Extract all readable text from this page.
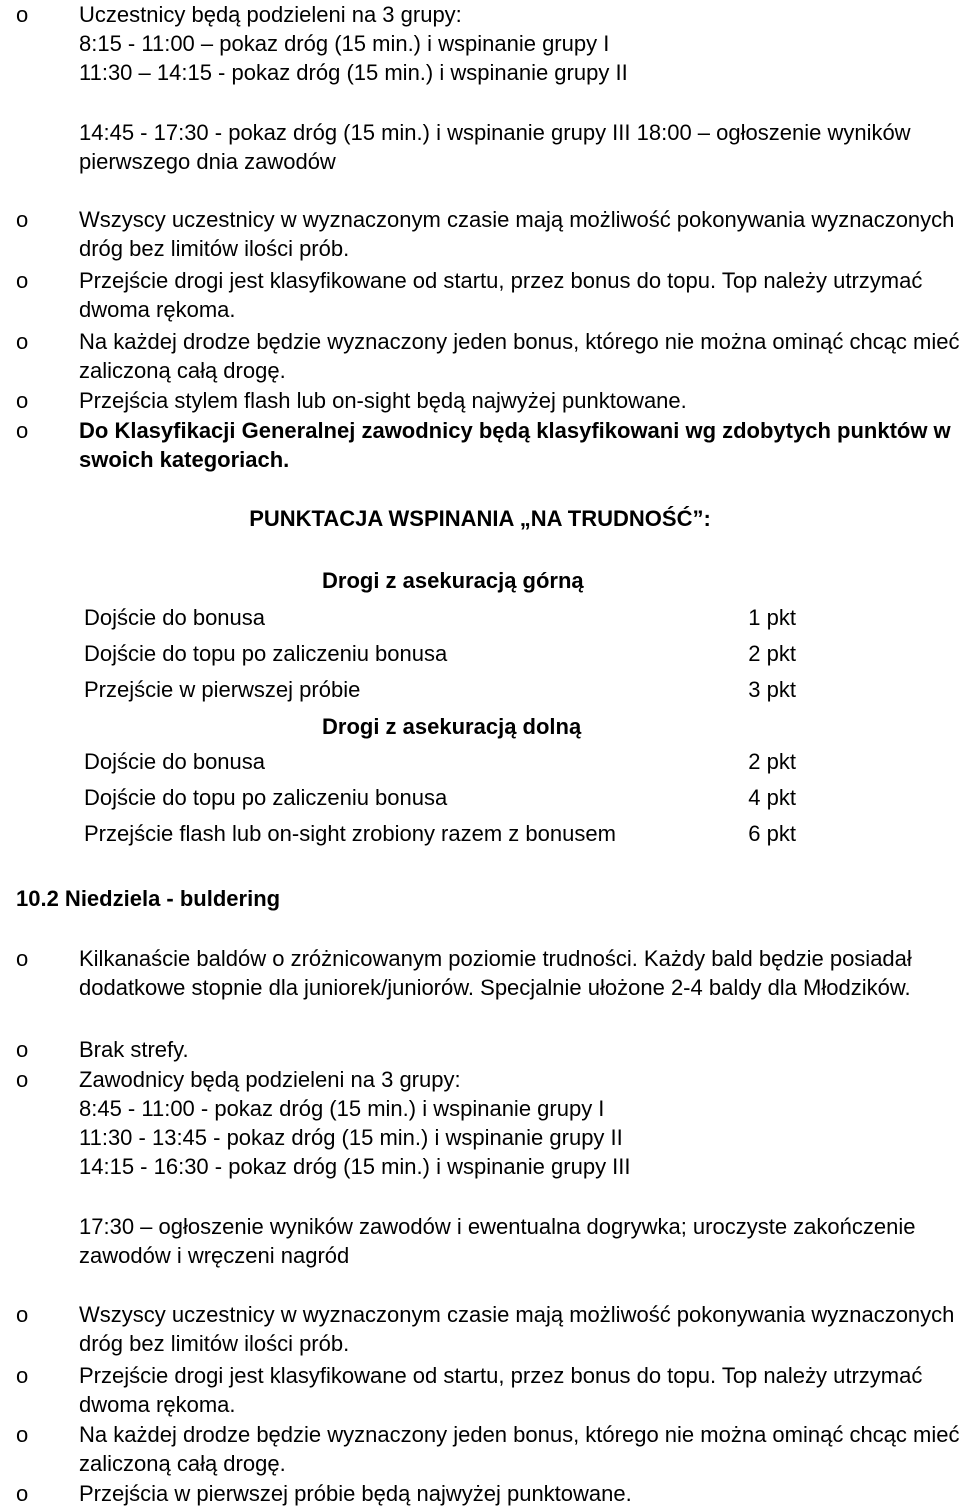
o Uczestnicy będą podzieleni na 3 grupy:
8:15 - 11:00 – pokaz dróg (15 min.) i wspinanie grupy I
11:30 – 14:15 - pokaz dróg (15 min.) i wspinanie grupy II
14:45 - 17:30 - pokaz dróg (15 min.) i wspinanie grupy III 18:00 – ogłoszenie wyników pierwszego dnia zawodów
o Wszyscy uczestnicy w wyznaczonym czasie mają możliwość pokonywania wyznaczonych dróg bez limitów ilości prób.
o Przejście drogi jest klasyfikowane od startu, przez bonus do topu. Top należy utrzymać dwoma rękoma.
o Na każdej drodze będzie wyznaczony jeden bonus, którego nie można ominąć chcąc mieć zaliczoną całą drogę.
o Przejścia stylem flash lub on-sight będą najwyżej punktowane.
o Do Klasyfikacji Generalnej zawodnicy będą klasyfikowani wg zdobytych punktów w swoich kategoriach.
PUNKTACJA WSPINANIA „NA TRUDNOŚĆ”:
Drogi z asekuracją górną
Dojście do bonusa	1 pkt
Dojście do topu po zaliczeniu bonusa	2 pkt
Przejście w pierwszej próbie	3 pkt
Drogi z asekuracją dolną
Dojście do bonusa	2 pkt
Dojście do topu po zaliczeniu bonusa	4 pkt
Przejście flash lub on-sight zrobiony razem z bonusem	6 pkt
10.2 Niedziela - buldering
o Kilkanaście baldów o zróżnicowanym poziomie trudności. Każdy bald będzie posiadał dodatkowe stopnie dla juniorek/juniorów. Specjalnie ułożone 2-4 baldy dla Młodzików.
o Brak strefy.
o Zawodnicy będą podzieleni na 3 grupy:
8:45 - 11:00 - pokaz dróg (15 min.) i wspinanie grupy I
11:30 - 13:45 - pokaz dróg (15 min.) i wspinanie grupy II
14:15 - 16:30 - pokaz dróg (15 min.) i wspinanie grupy III
17:30 – ogłoszenie wyników zawodów i ewentualna dogrywka; uroczyste zakończenie zawodów i wręczeni nagród
o Wszyscy uczestnicy w wyznaczonym czasie mają możliwość pokonywania wyznaczonych dróg bez limitów ilości prób.
o Przejście drogi jest klasyfikowane od startu, przez bonus do topu. Top należy utrzymać dwoma rękoma.
o Na każdej drodze będzie wyznaczony jeden bonus, którego nie można ominąć chcąc mieć zaliczoną całą drogę.
o Przejścia w pierwszej próbie będą najwyżej punktowane.
